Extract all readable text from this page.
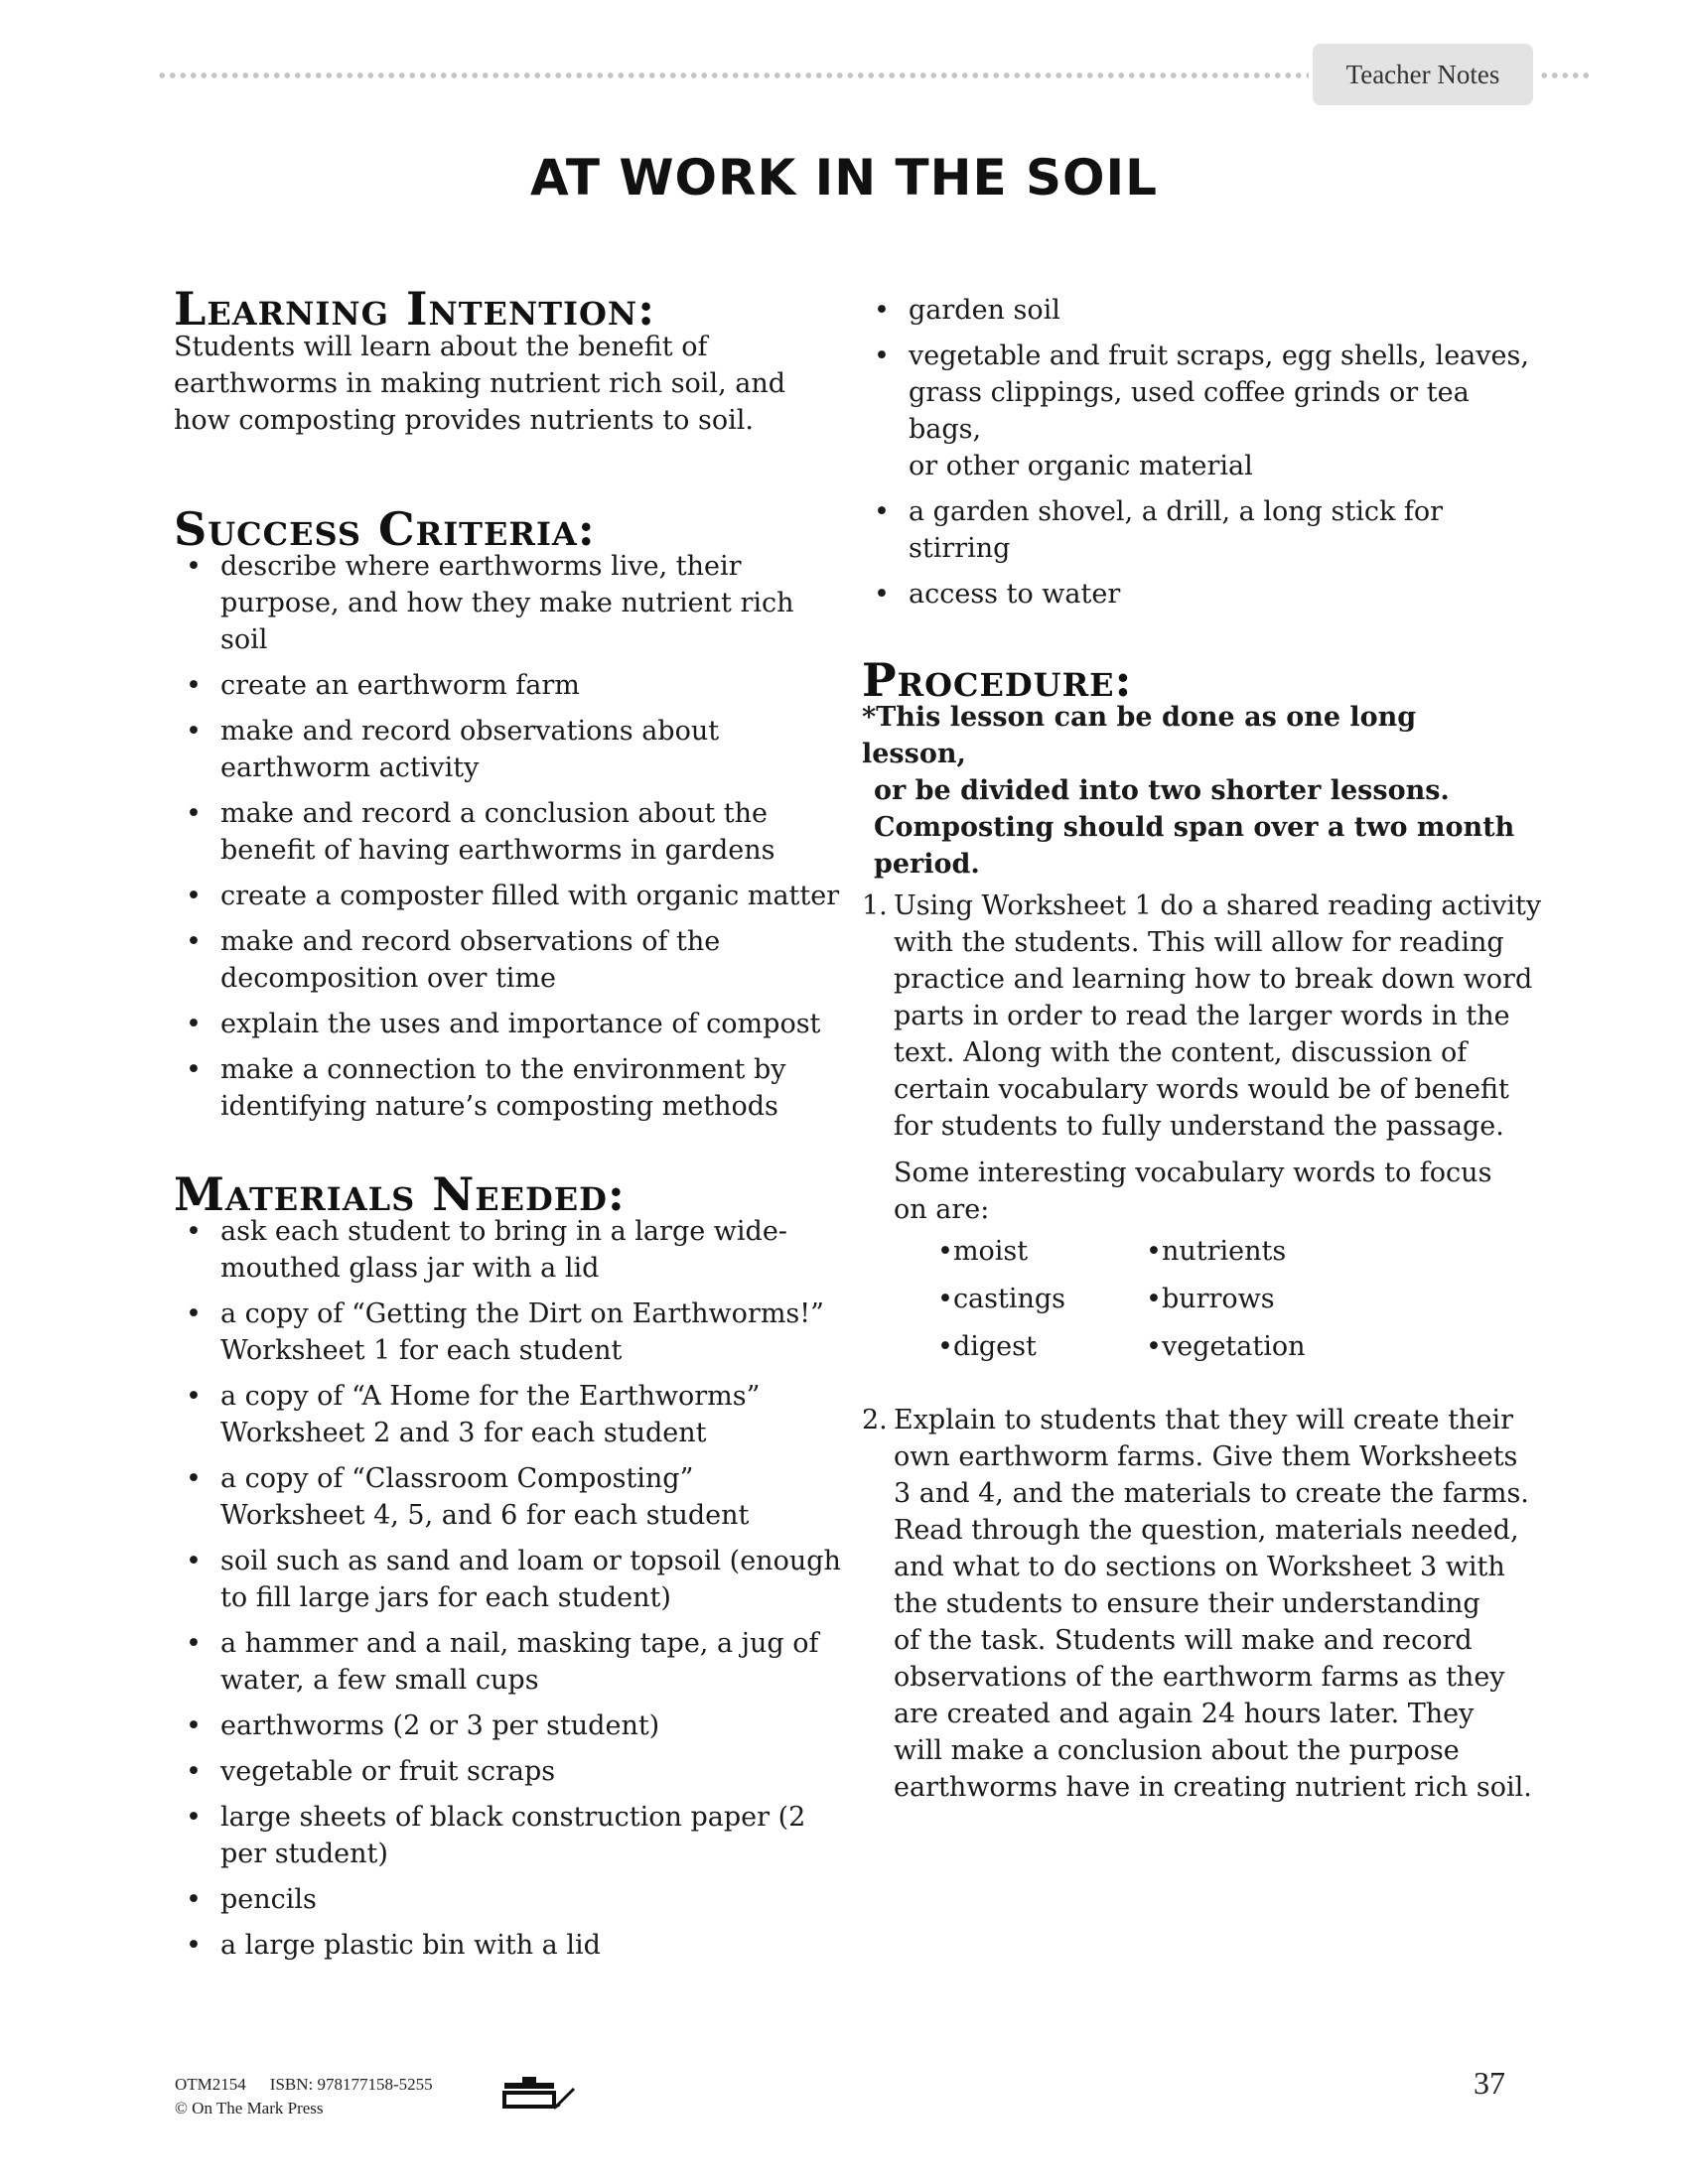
Teacher Notes
AT WORK IN THE SOIL
Learning Intention:
Students will learn about the benefit of
earthworms in making nutrient rich soil, and
how composting provides nutrients to soil.
Success Criteria:
• describe where earthworms live, their
purpose, and how they make nutrient rich soil
• create an earthworm farm
• make and record observations about
earthworm activity
• make and record a conclusion about the
benefit of having earthworms in gardens
• create a composter filled with organic matter
• make and record observations of the
decomposition over time
• explain the uses and importance of compost
• make a connection to the environment by
identifying nature’s composting methods
Materials Needed:
• ask each student to bring in a large wide-
mouthed glass jar with a lid
• a copy of “Getting the Dirt on Earthworms!”
Worksheet 1 for each student
• a copy of “A Home for the Earthworms”
Worksheet 2 and 3 for each student
• a copy of “Classroom Composting”
Worksheet 4, 5, and 6 for each student
• soil such as sand and loam or topsoil (enough
to fill large jars for each student)
• a hammer and a nail, masking tape, a jug of
water, a few small cups
• earthworms (2 or 3 per student)
• vegetable or fruit scraps
• large sheets of black construction paper (2
per student)
• pencils
• a large plastic bin with a lid
• garden soil
• vegetable and fruit scraps, egg shells, leaves,
grass clippings, used coffee grinds or tea bags,
or other organic material
• a garden shovel, a drill, a long stick for
stirring
• access to water
Procedure:
*This lesson can be done as one long lesson,
or be divided into two shorter lessons.
Composting should span over a two month
period.
1. Using Worksheet 1 do a shared reading activity
with the students. This will allow for reading
practice and learning how to break down word
parts in order to read the larger words in the
text. Along with the content, discussion of
certain vocabulary words would be of benefit
for students to fully understand the passage.
Some interesting vocabulary words to focus
on are:
• moist	• nutrients
• castings	• burrows
• digest	• vegetation
2. Explain to students that they will create their
own earthworm farms. Give them Worksheets
3 and 4, and the materials to create the farms.
Read through the question, materials needed,
and what to do sections on Worksheet 3 with
the students to ensure their understanding
of the task. Students will make and record
observations of the earthworm farms as they
are created and again 24 hours later. They
will make a conclusion about the purpose
earthworms have in creating nutrient rich soil.
OTM2154 ISBN: 978177158-5255
© On The Mark Press
37
